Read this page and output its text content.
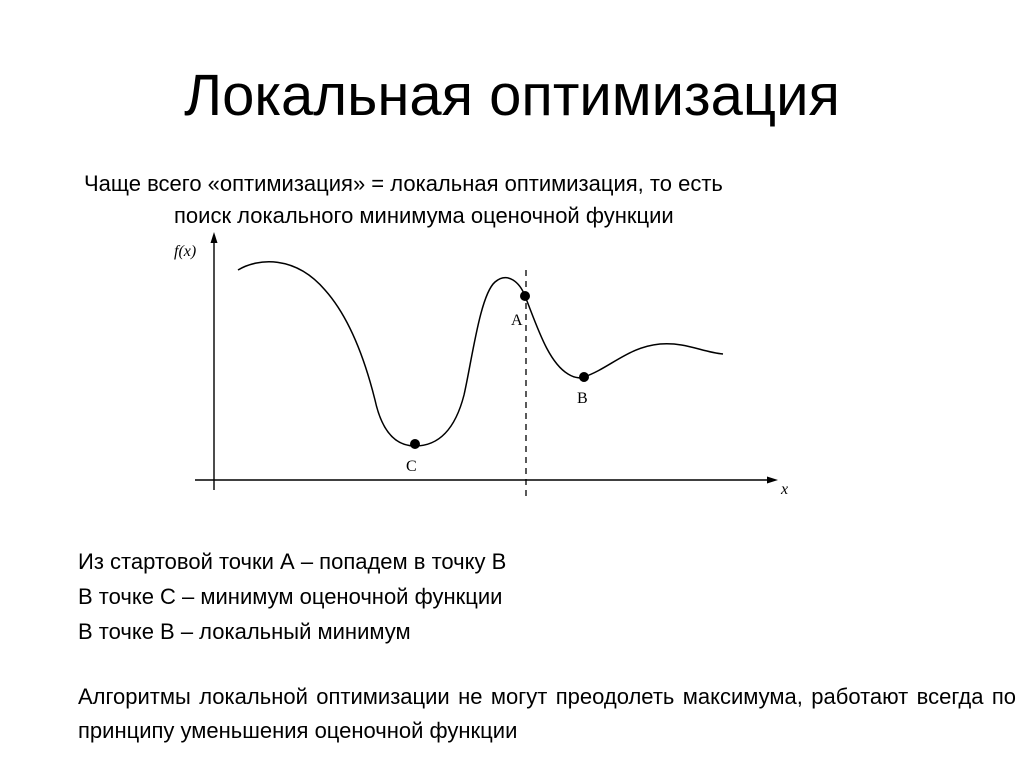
Локальная оптимизация
Чаще всего «оптимизация» = локальная оптимизация, то есть
поиск локального минимума оценочной функции
f(x)
x
A
B
C
Из стартовой точки А – попадем в точку В
В точке С – минимум оценочной функции
В точке В – локальный минимум
Алгоритмы локальной оптимизации не могут преодолеть максимума, работают всегда по принципу уменьшения оценочной функции
